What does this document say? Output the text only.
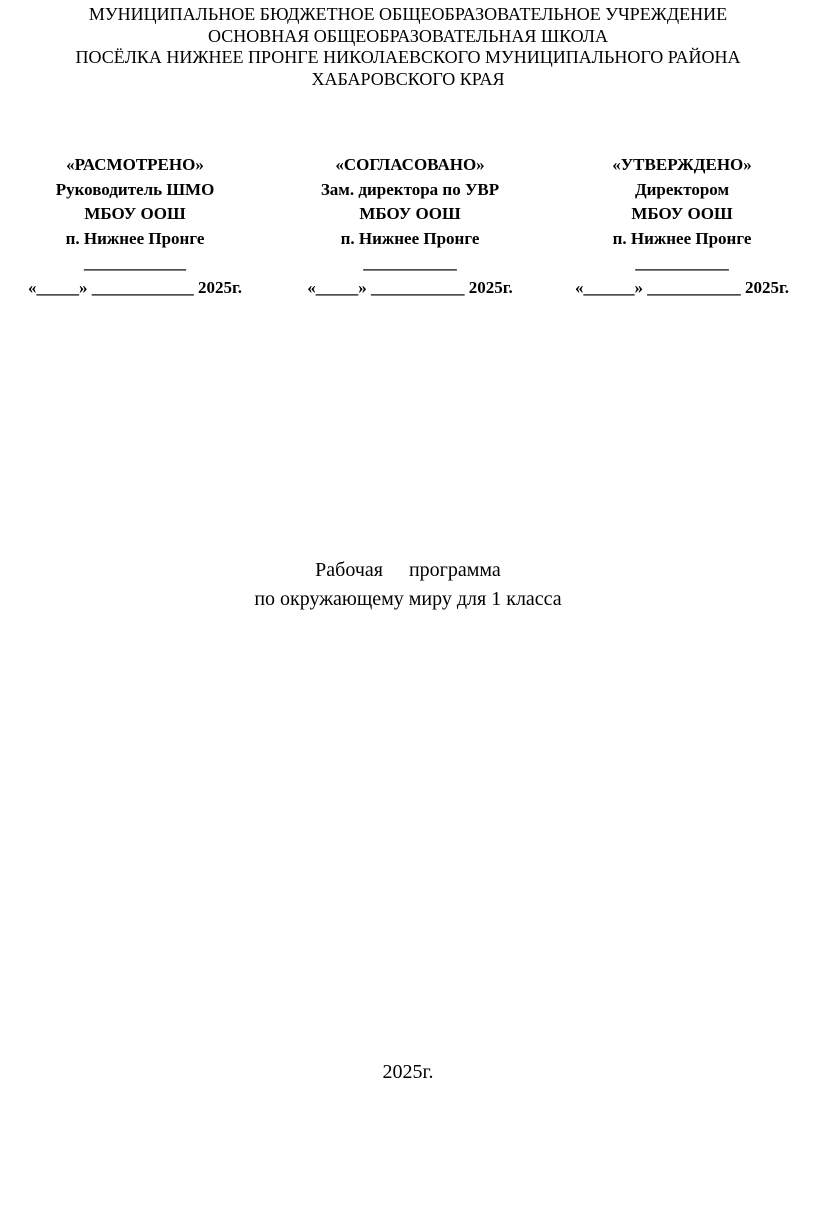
МУНИЦИПАЛЬНОЕ БЮДЖЕТНОЕ ОБЩЕОБРАЗОВАТЕЛЬНОЕ УЧРЕЖДЕНИЕ
ОСНОВНАЯ ОБЩЕОБРАЗОВАТЕЛЬНАЯ ШКОЛА
ПОСЁЛКА НИЖНЕЕ ПРОНГЕ НИКОЛАЕВСКОГО МУНИЦИПАЛЬНОГО РАЙОНА
ХАБАРОВСКОГО КРАЯ
«РАСМОТРЕНО»
Руководитель ШМО
МБОУ ООШ
п. Нижнее Пронге
____________
«_____» ____________ 2025г.
«СОГЛАСОВАНО»
Зам. директора по УВР
МБОУ ООШ
п. Нижнее Пронге
___________
«_____» ___________ 2025г.
«УТВЕРЖДЕНО»
Директором
МБОУ ООШ
п. Нижнее Пронге
___________
«______» ___________ 2025г.
Рабочая программа
по окружающему миру для 1 класса
2025г.
